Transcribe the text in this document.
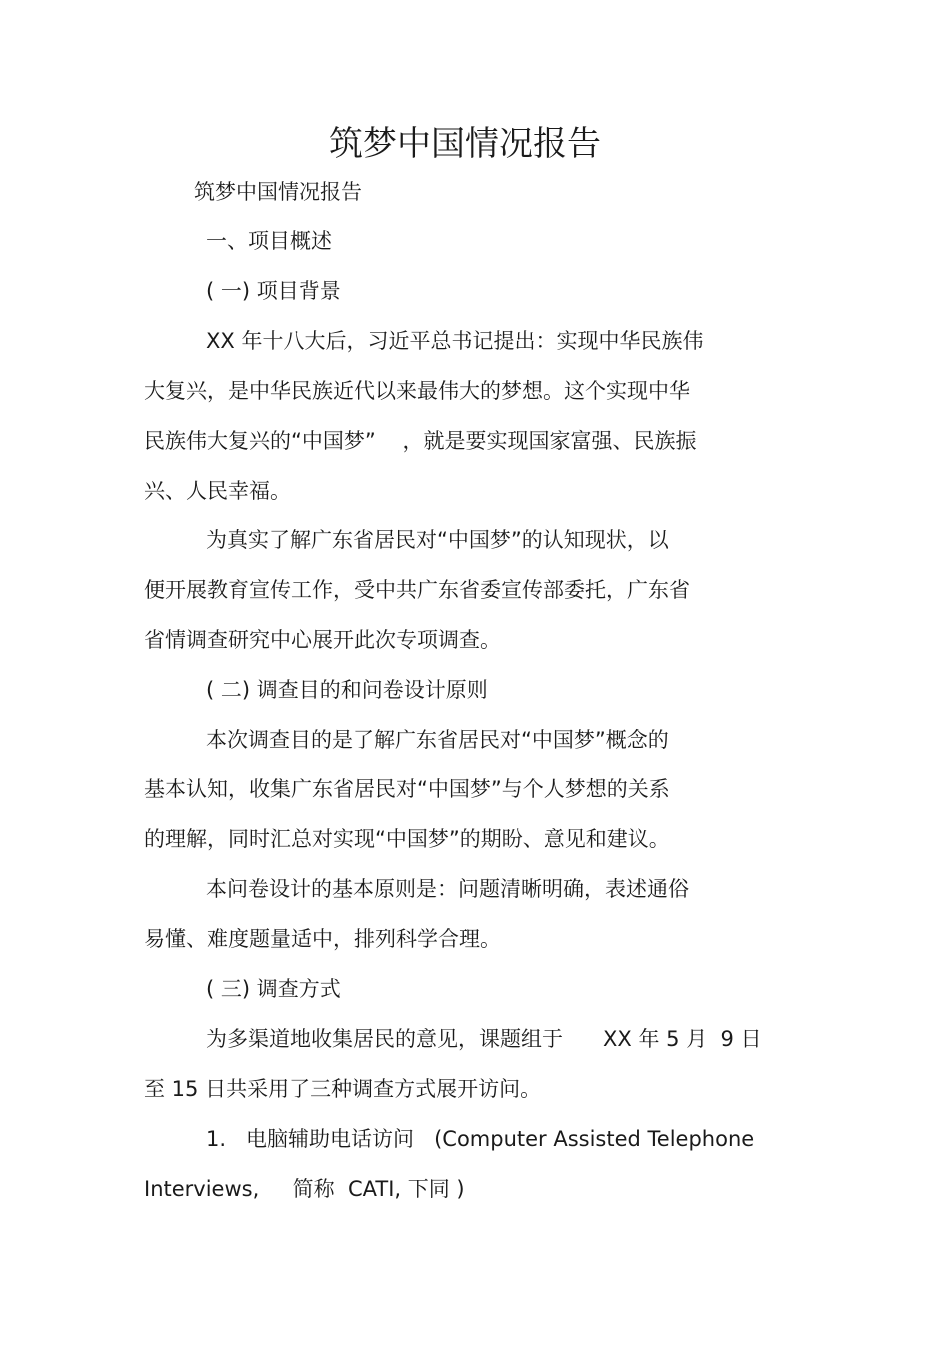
筑梦中国情况报告

筑梦中国情况报告

一、项目概述

( 一) 项目背景

XX 年十八大后，习近平总书记提出：实现中华民族伟

大复兴，是中华民族近代以来最伟大的梦想。这个实现中华

民族伟大复兴的“中国梦”    ，就是要实现国家富强、民族振

兴、人民幸福。

为真实了解广东省居民对“中国梦”的认知现状，以

便开展教育宣传工作，受中共广东省委宣传部委托，广东省

省情调查研究中心展开此次专项调查。

( 二) 调查目的和问卷设计原则

本次调查目的是了解广东省居民对“中国梦”概念的

基本认知，收集广东省居民对“中国梦”与个人梦想的关系

的理解，同时汇总对实现“中国梦”的期盼、意见和建议。

本问卷设计的基本原则是：问题清晰明确，表述通俗

易懂、难度题量适中，排列科学合理。

( 三) 调查方式

为多渠道地收集居民的意见，课题组于      XX 年 5 月  9 日

至 15 日共采用了三种调查方式展开访问。

1.   电脑辅助电话访问   (Computer Assisted Telephone

Interviews,     简称  CATI, 下同 )
